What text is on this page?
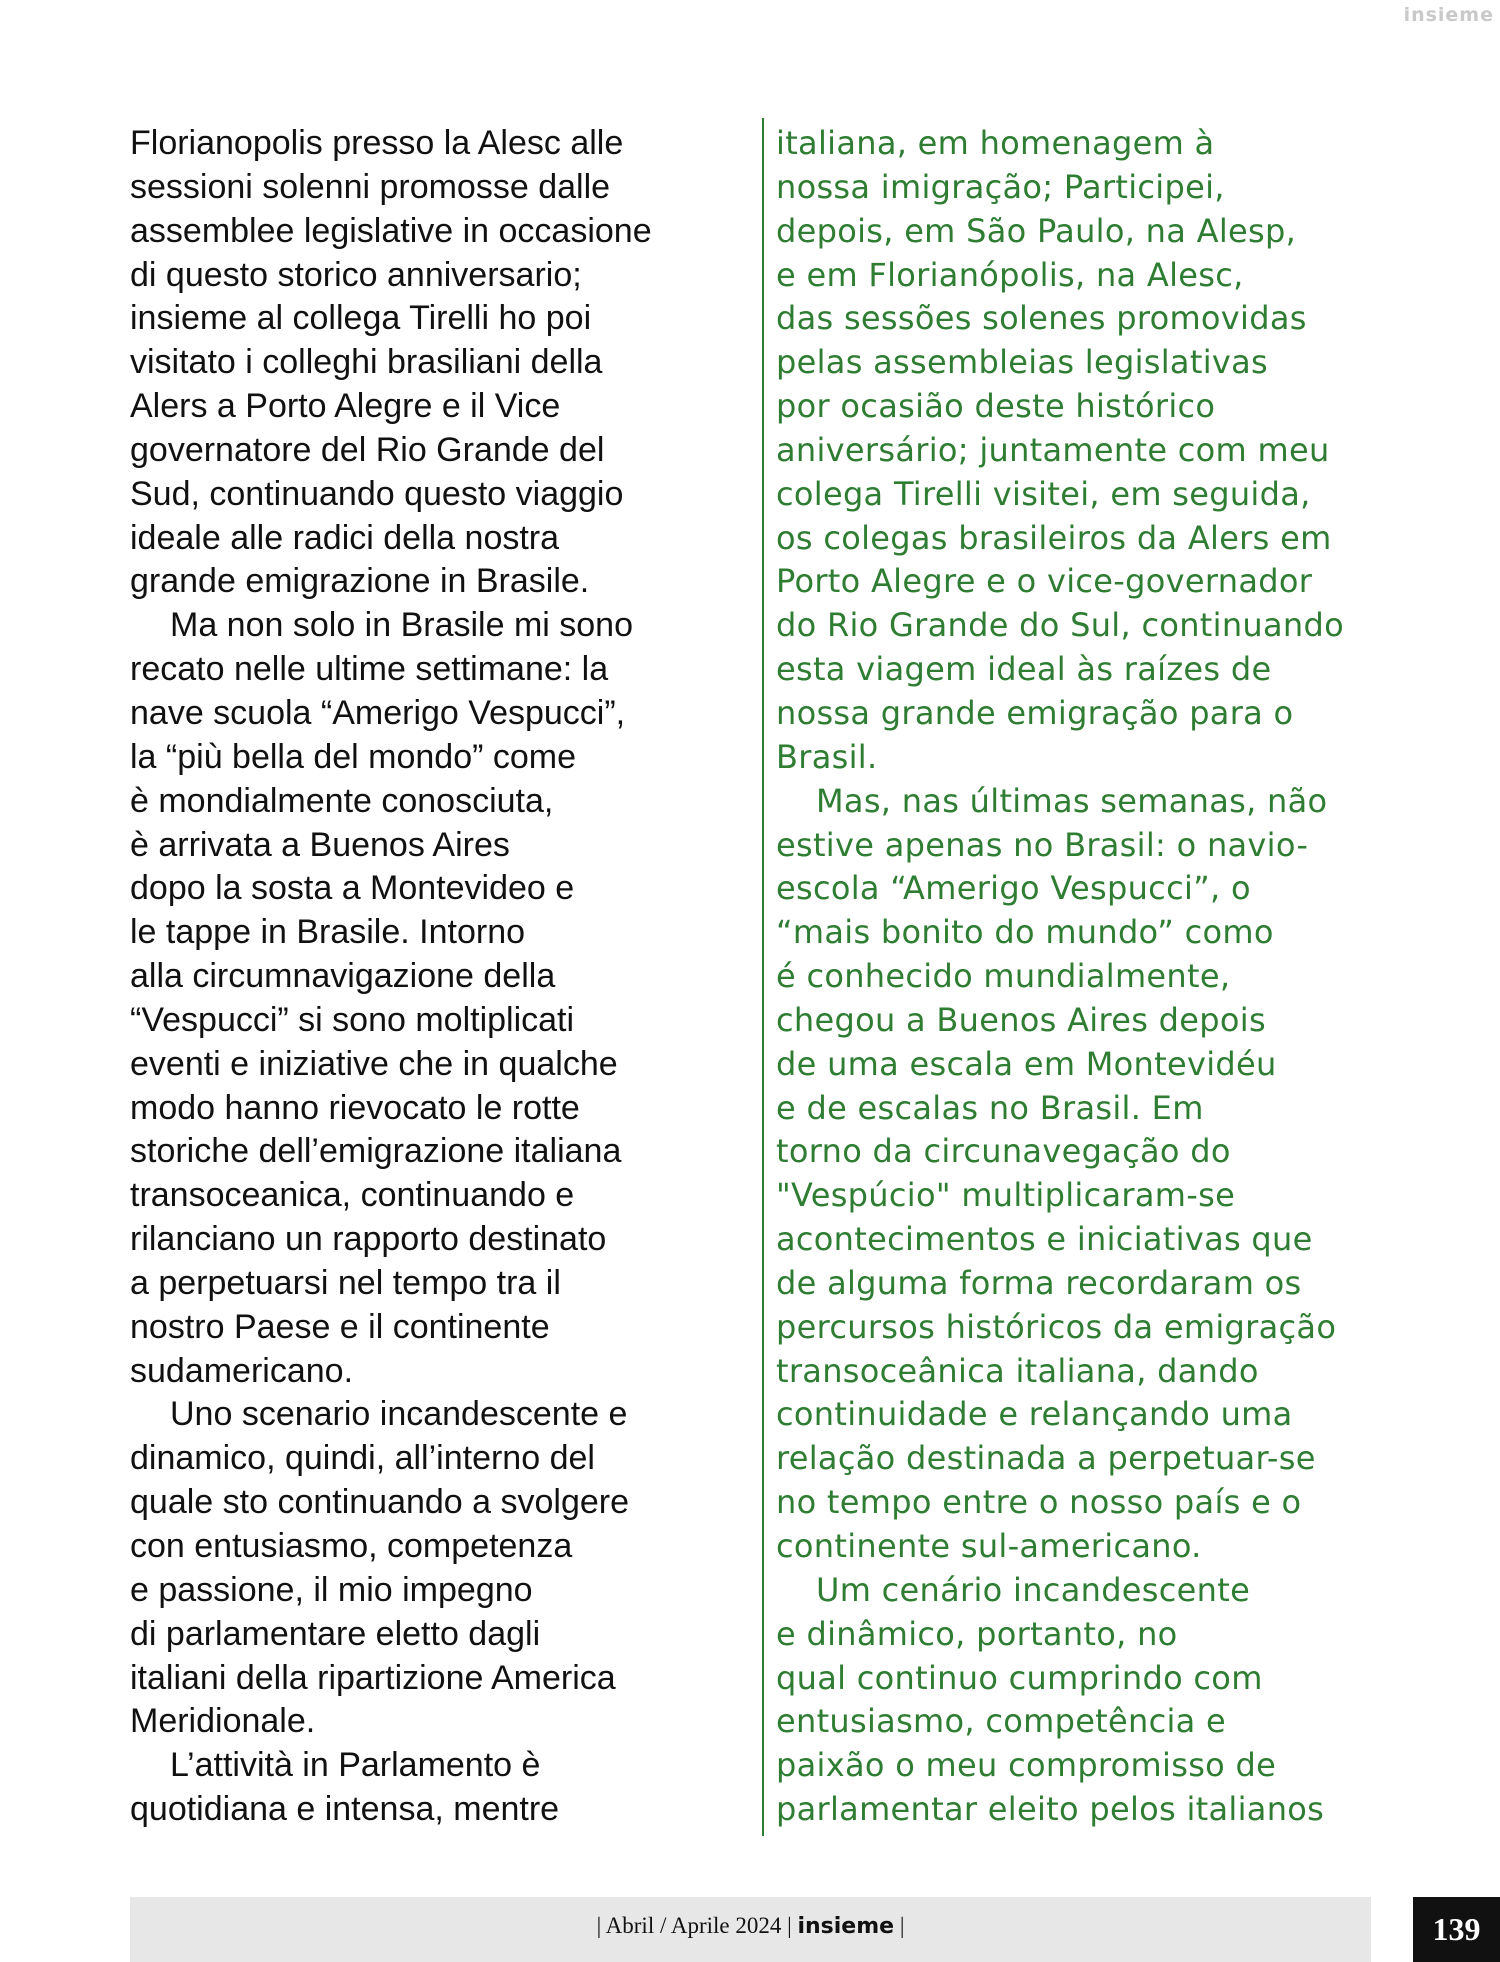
insieme
Florianopolis presso la Alesc alle
sessioni solenni promosse dalle
assemblee legislative in occasione
di questo storico anniversario;
insieme al collega Tirelli ho poi
visitato i colleghi brasiliani della
Alers a Porto Alegre e il Vice
governatore del Rio Grande del
Sud, continuando questo viaggio
ideale alle radici della nostra
grande emigrazione in Brasile.
Ma non solo in Brasile mi sono
recato nelle ultime settimane: la
nave scuola “Amerigo Vespucci”,
la “più bella del mondo” come
è mondialmente conosciuta,
è arrivata a Buenos Aires
dopo la sosta a Montevideo e
le tappe in Brasile. Intorno
alla circumnavigazione della
“Vespucci” si sono moltiplicati
eventi e iniziative che in qualche
modo hanno rievocato le rotte
storiche dell’emigrazione italiana
transoceanica, continuando e
rilanciano un rapporto destinato
a perpetuarsi nel tempo tra il
nostro Paese e il continente
sudamericano.
Uno scenario incandescente e
dinamico, quindi, all’interno del
quale sto continuando a svolgere
con entusiasmo, competenza
e passione, il mio impegno
di parlamentare eletto dagli
italiani della ripartizione America
Meridionale.
L’attività in Parlamento è
quotidiana e intensa, mentre
italiana, em homenagem à
nossa imigração; Participei,
depois, em São Paulo, na Alesp,
e em Florianópolis, na Alesc,
das sessões solenes promovidas
pelas assembleias legislativas
por ocasião deste histórico
aniversário; juntamente com meu
colega Tirelli visitei, em seguida,
os colegas brasileiros da Alers em
Porto Alegre e o vice-governador
do Rio Grande do Sul, continuando
esta viagem ideal às raízes de
nossa grande emigração para o
Brasil.
Mas, nas últimas semanas, não
estive apenas no Brasil: o navio-
escola “Amerigo Vespucci”, o
“mais bonito do mundo” como
é conhecido mundialmente,
chegou a Buenos Aires depois
de uma escala em Montevidéu
e de escalas no Brasil. Em
torno da circunavegação do
"Vespúcio" multiplicaram-se
acontecimentos e iniciativas que
de alguma forma recordaram os
percursos históricos da emigração
transoceânica italiana, dando
continuidade e relançando uma
relação destinada a perpetuar-se
no tempo entre o nosso país e o
continente sul-americano.
Um cenário incandescente
e dinâmico, portanto, no
qual continuo cumprindo com
entusiasmo, competência e
paixão o meu compromisso de
parlamentar eleito pelos italianos
| Abril / Aprile 2024 | insieme |	139
